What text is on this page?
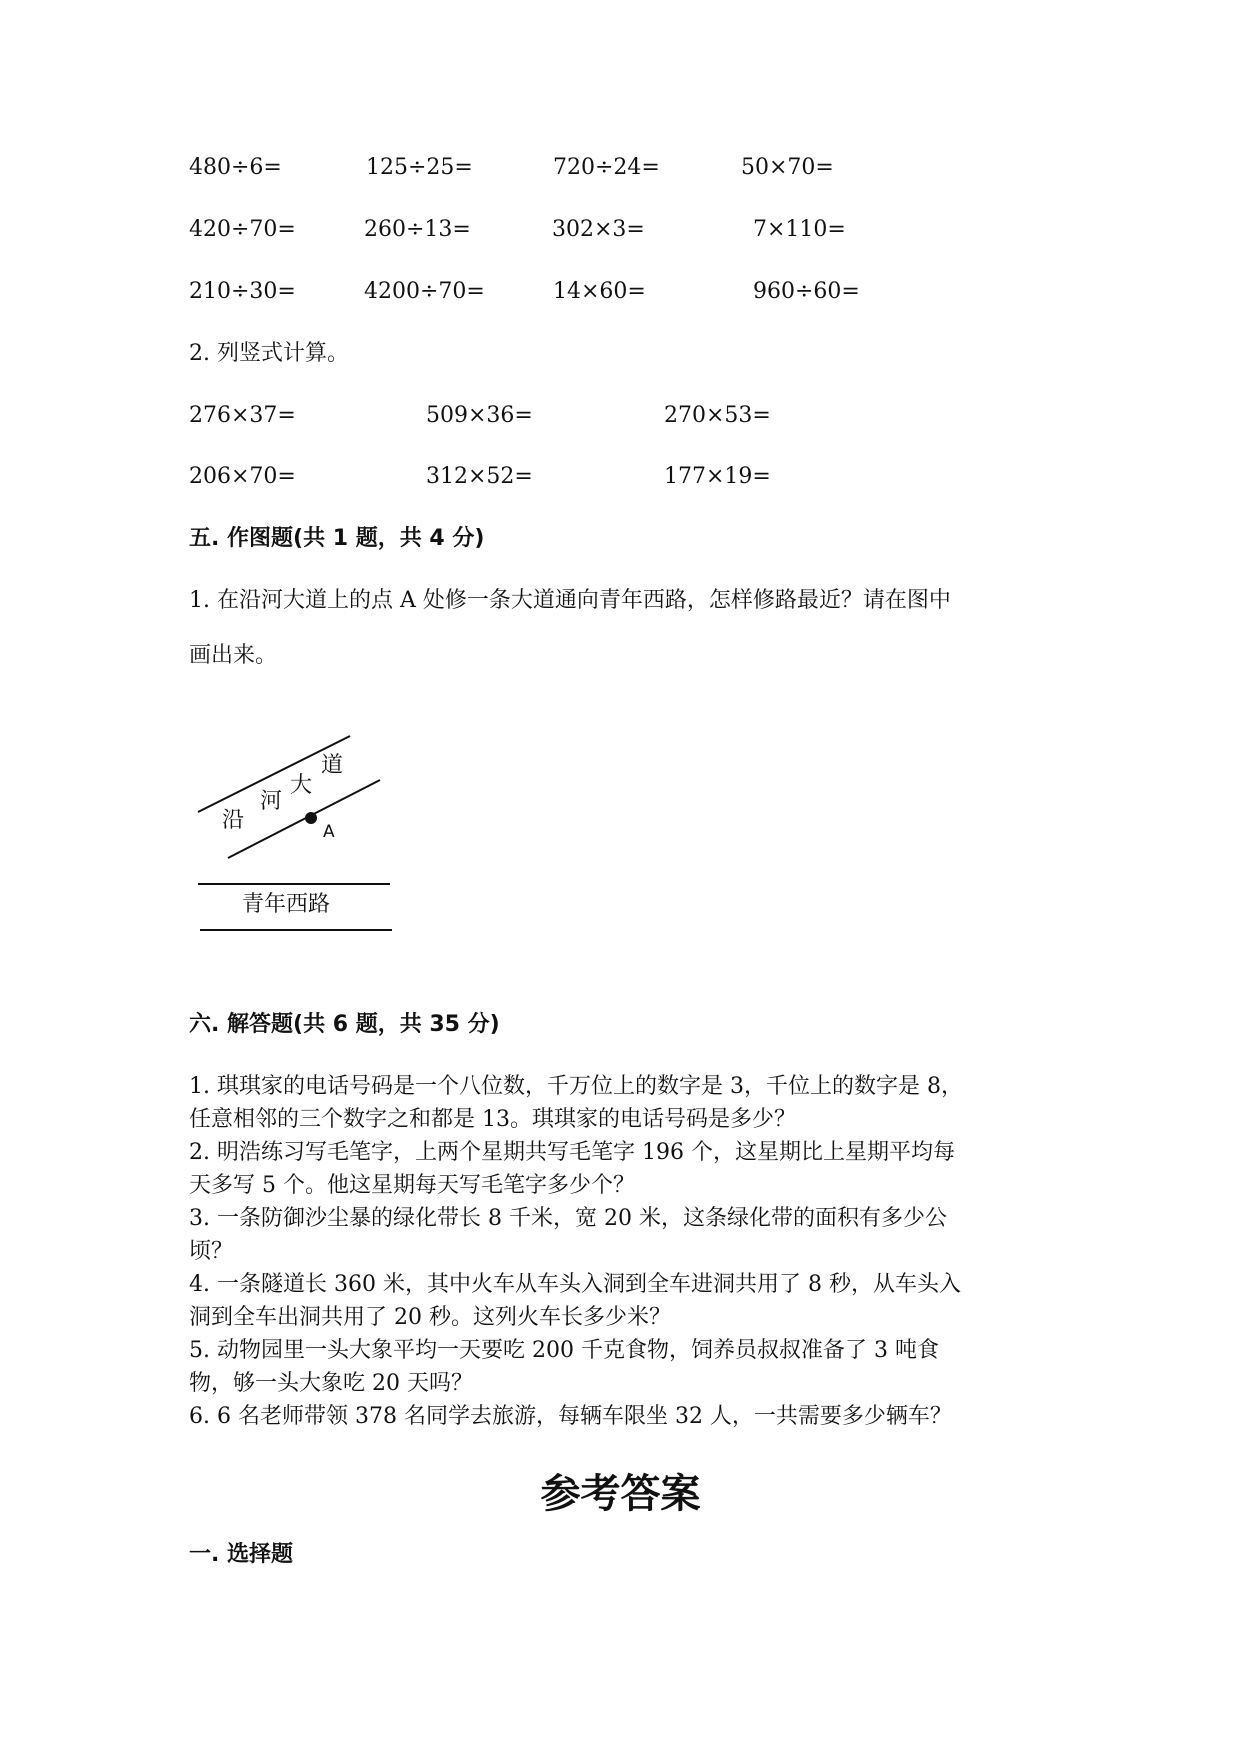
480÷6=	125÷25=	720÷24=	50×70=
420÷70=	260÷13=	302×3=	7×110=
210÷30=	4200÷70=	14×60=	960÷60=
2. 列竖式计算。
276×37=	509×36=	270×53=
206×70=	312×52=	177×19=
五. 作图题(共 1 题，共 4 分)
1. 在沿河大道上的点 A 处修一条大道通向青年西路，怎样修路最近？请在图中
画出来。
沿
河
大
道
A
青年西路
六. 解答题(共 6 题，共 35 分)
1. 琪琪家的电话号码是一个八位数，千万位上的数字是 3，千位上的数字是 8，
任意相邻的三个数字之和都是 13。琪琪家的电话号码是多少？
2. 明浩练习写毛笔字，上两个星期共写毛笔字 196 个，这星期比上星期平均每
天多写 5 个。他这星期每天写毛笔字多少个？
3. 一条防御沙尘暴的绿化带长 8 千米，宽 20 米，这条绿化带的面积有多少公
顷？
4. 一条隧道长 360 米，其中火车从车头入洞到全车进洞共用了 8 秒，从车头入
洞到全车出洞共用了 20 秒。这列火车长多少米？
5. 动物园里一头大象平均一天要吃 200 千克食物，饲养员叔叔准备了 3 吨食
物，够一头大象吃 20 天吗？
6. 6 名老师带领 378 名同学去旅游，每辆车限坐 32 人，一共需要多少辆车？
参考答案
一. 选择题
